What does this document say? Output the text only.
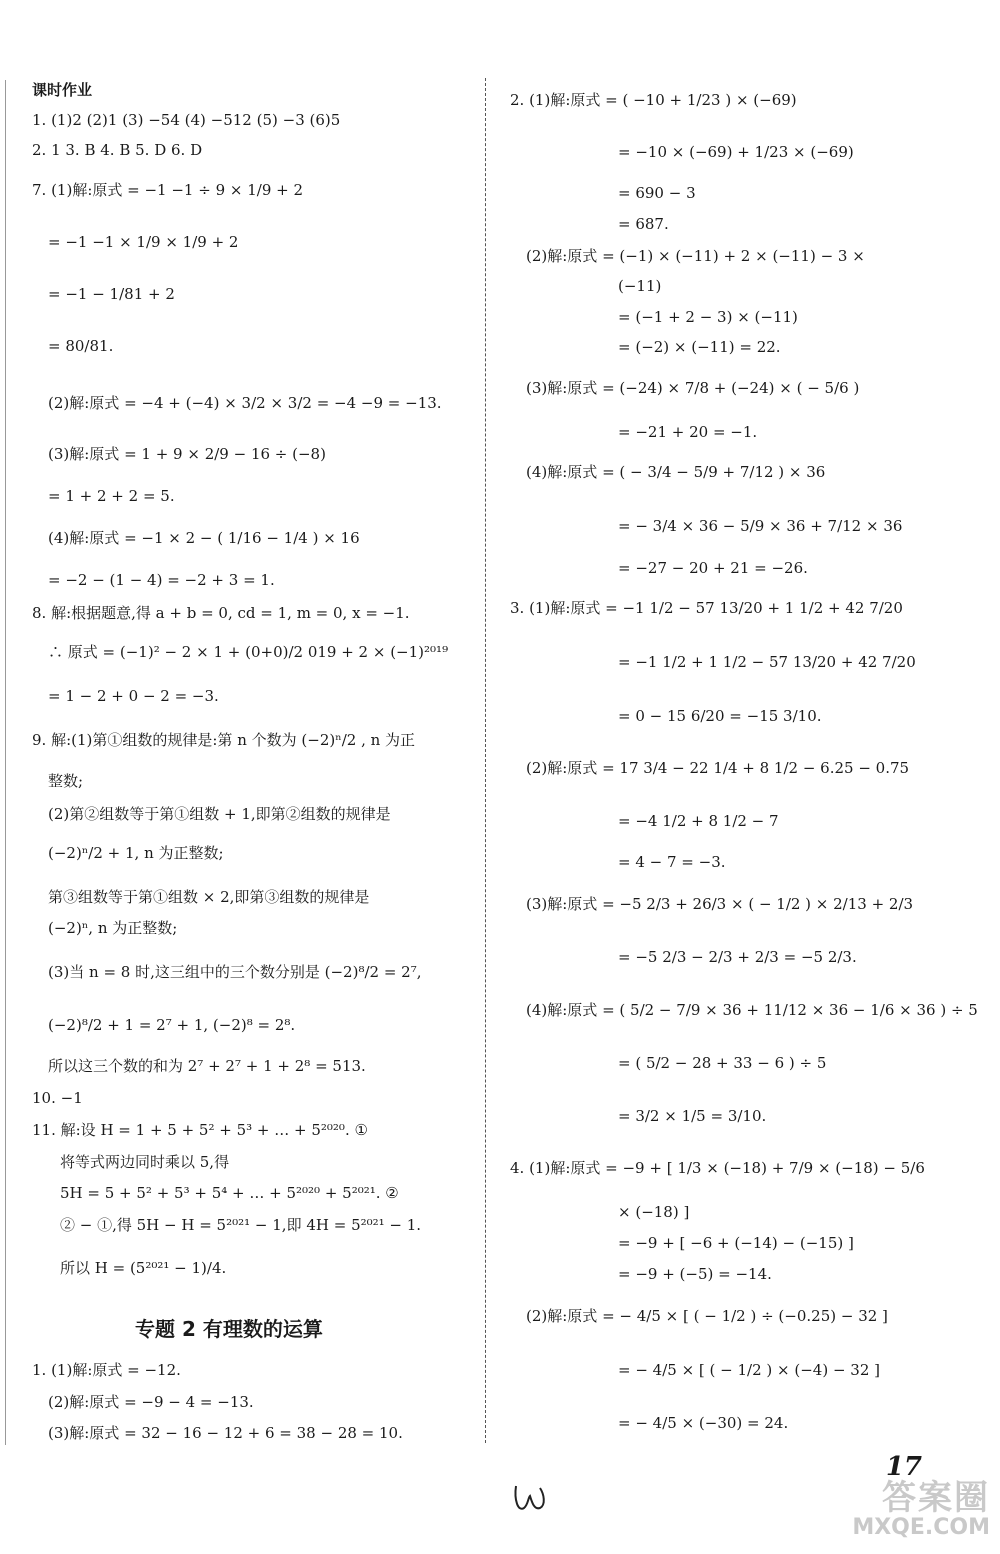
课时作业
1. (1)2 (2)1 (3) −54 (4) −512 (5) −3 (6)5
2. 1 3. B 4. B 5. D 6. D
7. (1)解:原式 = −1 −1 ÷ 9 × 1/9 + 2
= −1 −1 × 1/9 × 1/9 + 2
= −1 − 1/81 + 2
= 80/81.
(2)解:原式 = −4 + (−4) × 3/2 × 3/2 = −4 −9 = −13.
(3)解:原式 = 1 + 9 × 2/9 − 16 ÷ (−8)
= 1 + 2 + 2 = 5.
(4)解:原式 = −1 × 2 − ( 1/16 − 1/4 ) × 16
= −2 − (1 − 4) = −2 + 3 = 1.
8. 解:根据题意,得 a + b = 0, cd = 1, m = 0, x = −1.
∴ 原式 = (−1)² − 2 × 1 + (0+0)/2 019 + 2 × (−1)²⁰¹⁹
= 1 − 2 + 0 − 2 = −3.
9. 解:(1)第①组数的规律是:第 n 个数为 (−2)ⁿ/2 , n 为正
整数;
(2)第②组数等于第①组数 + 1,即第②组数的规律是
(−2)ⁿ/2 + 1, n 为正整数;
第③组数等于第①组数 × 2,即第③组数的规律是
(−2)ⁿ, n 为正整数;
(3)当 n = 8 时,这三组中的三个数分别是 (−2)⁸/2 = 2⁷,
(−2)⁸/2 + 1 = 2⁷ + 1, (−2)⁸ = 2⁸.
所以这三个数的和为 2⁷ + 2⁷ + 1 + 2⁸ = 513.
10. −1
11. 解:设 H = 1 + 5 + 5² + 5³ + … + 5²⁰²⁰. ①
将等式两边同时乘以 5,得
5H = 5 + 5² + 5³ + 5⁴ + … + 5²⁰²⁰ + 5²⁰²¹. ②
② − ①,得 5H − H = 5²⁰²¹ − 1,即 4H = 5²⁰²¹ − 1.
所以 H = (5²⁰²¹ − 1)/4.
专题 2 有理数的运算
1. (1)解:原式 = −12.
(2)解:原式 = −9 − 4 = −13.
(3)解:原式 = 32 − 16 − 12 + 6 = 38 − 28 = 10.
2. (1)解:原式 = ( −10 + 1/23 ) × (−69)
= −10 × (−69) + 1/23 × (−69)
= 690 − 3
= 687.
(2)解:原式 = (−1) × (−11) + 2 × (−11) − 3 ×
(−11)
= (−1 + 2 − 3) × (−11)
= (−2) × (−11) = 22.
(3)解:原式 = (−24) × 7/8 + (−24) × ( − 5/6 )
= −21 + 20 = −1.
(4)解:原式 = ( − 3/4 − 5/9 + 7/12 ) × 36
= − 3/4 × 36 − 5/9 × 36 + 7/12 × 36
= −27 − 20 + 21 = −26.
3. (1)解:原式 = −1 1/2 − 57 13/20 + 1 1/2 + 42 7/20
= −1 1/2 + 1 1/2 − 57 13/20 + 42 7/20
= 0 − 15 6/20 = −15 3/10.
(2)解:原式 = 17 3/4 − 22 1/4 + 8 1/2 − 6.25 − 0.75
= −4 1/2 + 8 1/2 − 7
= 4 − 7 = −3.
(3)解:原式 = −5 2/3 + 26/3 × ( − 1/2 ) × 2/13 + 2/3
= −5 2/3 − 2/3 + 2/3 = −5 2/3.
(4)解:原式 = ( 5/2 − 7/9 × 36 + 11/12 × 36 − 1/6 × 36 ) ÷ 5
= ( 5/2 − 28 + 33 − 6 ) ÷ 5
= 3/2 × 1/5 = 3/10.
4. (1)解:原式 = −9 + [ 1/3 × (−18) + 7/9 × (−18) − 5/6
× (−18) ]
= −9 + [ −6 + (−14) − (−15) ]
= −9 + (−5) = −14.
(2)解:原式 = − 4/5 × [ ( − 1/2 ) ÷ (−0.25) − 32 ]
= − 4/5 × [ ( − 1/2 ) × (−4) − 32 ]
= − 4/5 × (−30) = 24.
17
答案圈
MXQE.COM
